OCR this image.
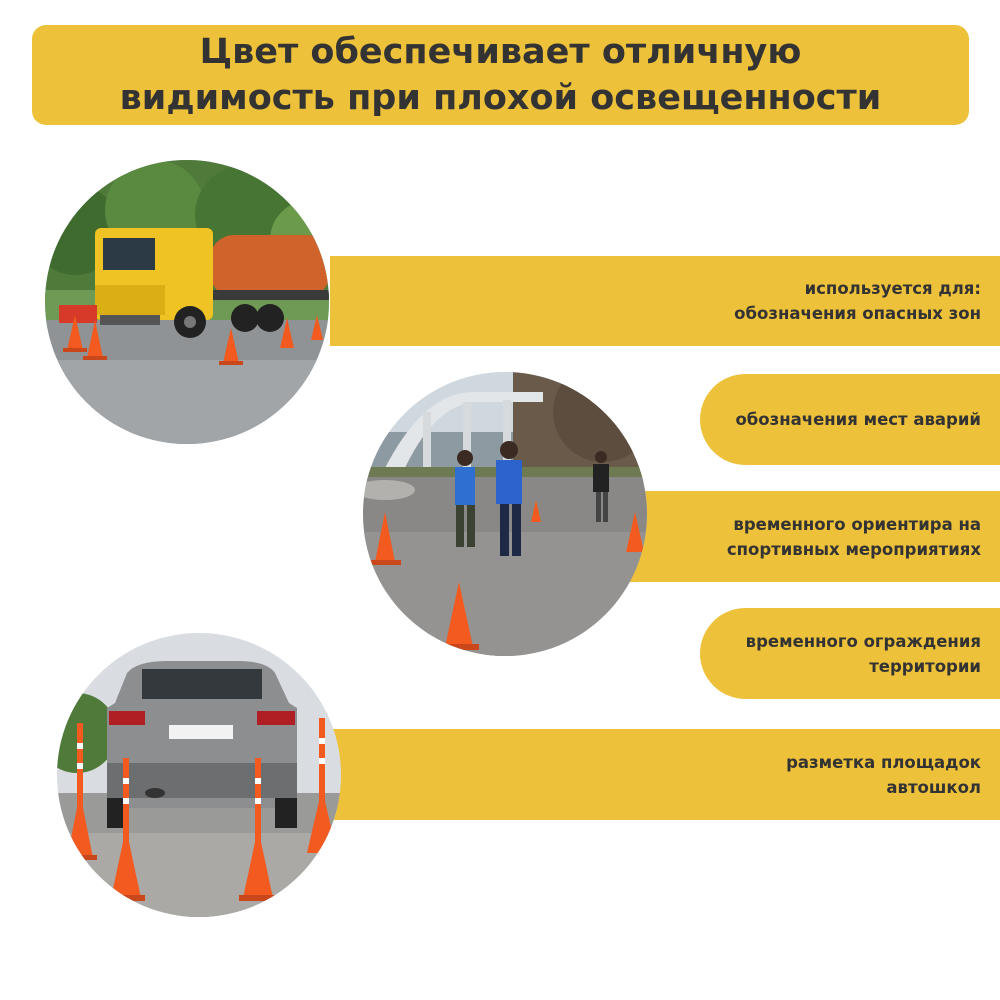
Цвет обеспечивает отличную
видимость при плохой освещенности
используется для:
обозначения опасных зон
обозначения мест аварий
временного ориентира на
спортивных мероприятиях
временного ограждения
территории
разметка площадок
автошкол
